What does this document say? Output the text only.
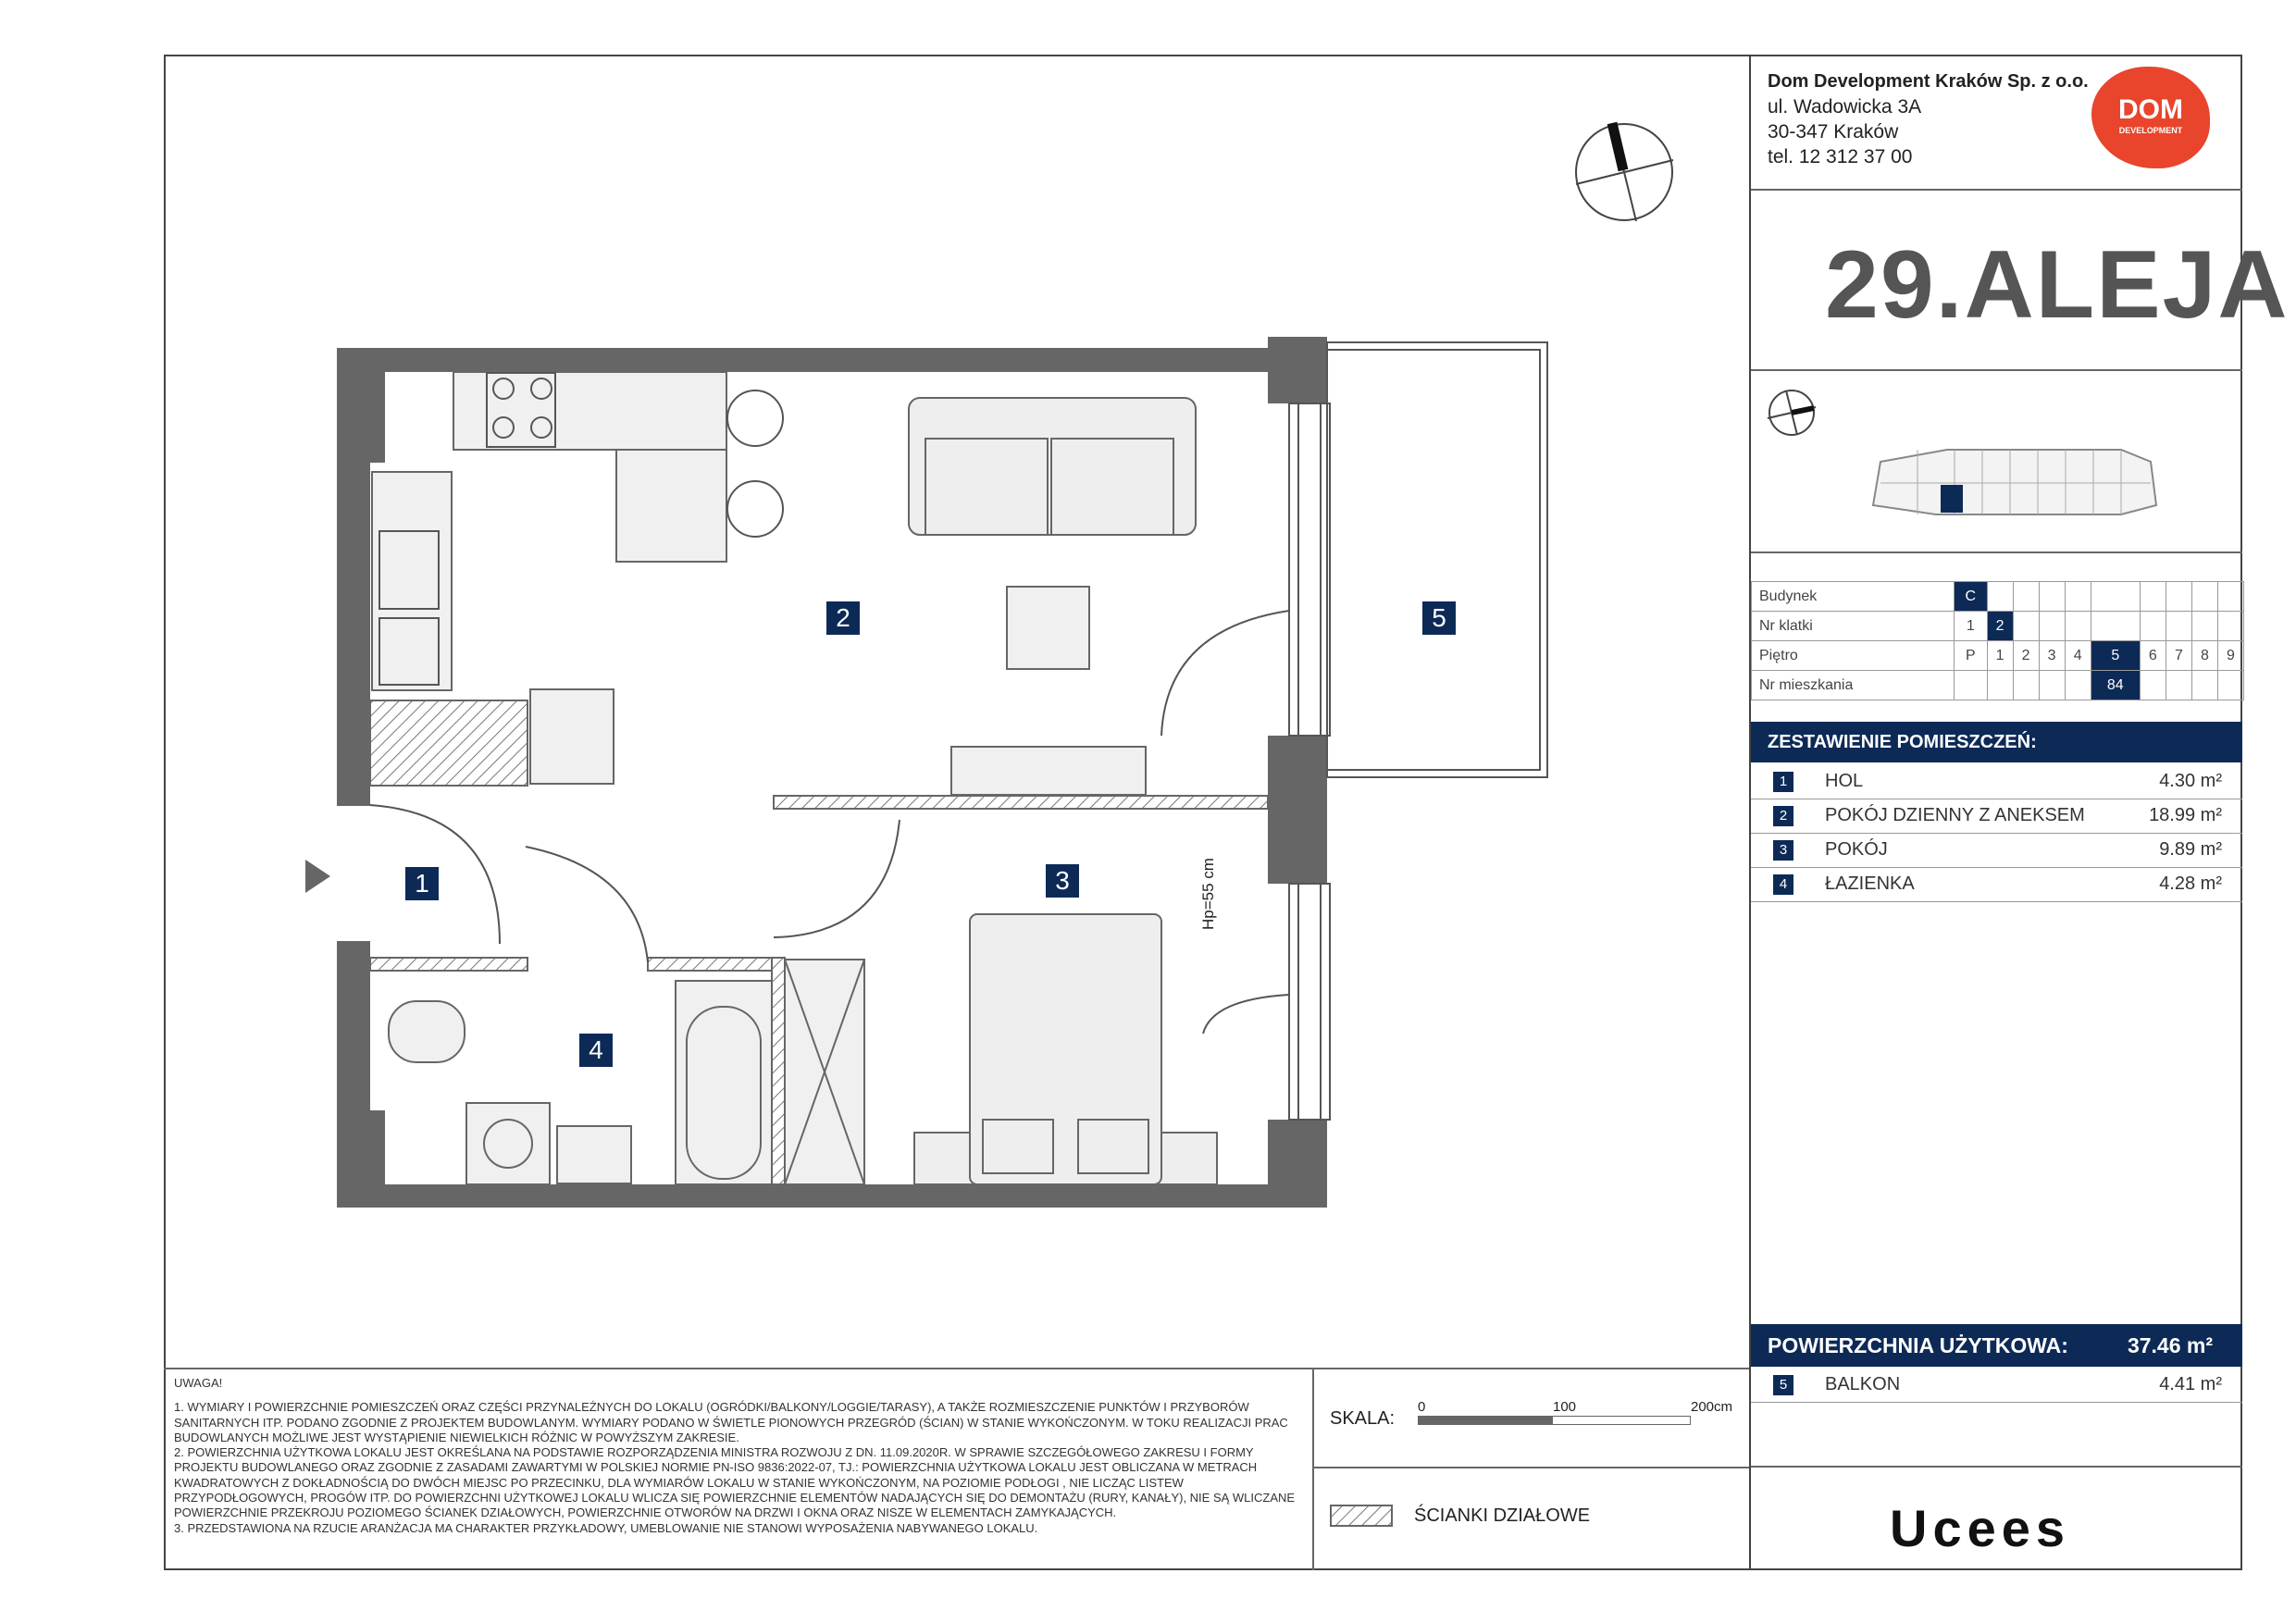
1
2
3
4
5
Hp=55 cm
Dom Development Kraków Sp. z o.o.
ul. Wadowicka 3A
30-347 Kraków
tel. 12 312 37 00
DOM
DEVELOPMENT
29.ALEJA
Budynek	C									
Nr klatki	1	2								
Piętro	P	1	2	3	4	5	6	7	8	9
Nr mieszkania						84				
ZESTAWIENIE POMIESZCZEŃ:
1	HOL	4.30 m²
2	POKÓJ DZIENNY Z ANEKSEM	18.99 m²
3	POKÓJ	9.89 m²
4	ŁAZIENKA	4.28 m²
POWIERZCHNIA UŻYTKOWA:	37.46 m²
5	BALKON	4.41 m²
Ucees
UWAGA!
1. WYMIARY I POWIERZCHNIE POMIESZCZEŃ ORAZ CZĘŚCI PRZYNALEŻNYCH DO LOKALU (OGRÓDKI/BALKONY/LOGGIE/TARASY), A TAKŻE ROZMIESZCZENIE PUNKTÓW I PRZYBORÓW SANITARNYCH ITP. PODANO ZGODNIE Z PROJEKTEM BUDOWLANYM. WYMIARY PODANO W ŚWIETLE PIONOWYCH PRZEGRÓD (ŚCIAN) W STANIE WYKOŃCZONYM. W TOKU REALIZACJI PRAC BUDOWLANYCH MOŻLIWE JEST WYSTĄPIENIE NIEWIELKICH RÓŻNIC W POWYŻSZYM ZAKRESIE.
2. POWIERZCHNIA UŻYTKOWA LOKALU JEST OKREŚLANA NA PODSTAWIE ROZPORZĄDZENIA MINISTRA ROZWOJU Z DN. 11.09.2020R. W SPRAWIE SZCZEGÓŁOWEGO ZAKRESU I FORMY PROJEKTU BUDOWLANEGO ORAZ ZGODNIE Z ZASADAMI ZAWARTYMI W POLSKIEJ NORMIE PN-ISO 9836:2022-07, TJ.: POWIERZCHNIA UŻYTKOWA LOKALU JEST OBLICZANA W METRACH KWADRATOWYCH Z DOKŁADNOŚCIĄ DO DWÓCH MIEJSC PO PRZECINKU, DLA WYMIARÓW LOKALU W STANIE WYKOŃCZONYM, NA POZIOMIE PODŁOGI , NIE LICZĄC LISTEW PRZYPODŁOGOWYCH, PROGÓW ITP. DO POWIERZCHNI UŻYTKOWEJ LOKALU WLICZA SIĘ POWIERZCHNIE ELEMENTÓW NADAJĄCYCH SIĘ DO DEMONTAŻU (RURY, KANAŁY), NIE SĄ WLICZANE POWIERZCHNIE PRZEKROJU POZIOMEGO ŚCIANEK DZIAŁOWYCH, POWIERZCHNIE OTWORÓW NA DRZWI I OKNA ORAZ NISZE W ELEMENTACH ZAMYKAJĄCYCH.
3. PRZEDSTAWIONA NA RZUCIE ARANŻACJA MA CHARAKTER PRZYKŁADOWY, UMEBLOWANIE NIE STANOWI WYPOSAŻENIA NABYWANEGO LOKALU.
SKALA:
0	100	200cm
ŚCIANKI DZIAŁOWE
